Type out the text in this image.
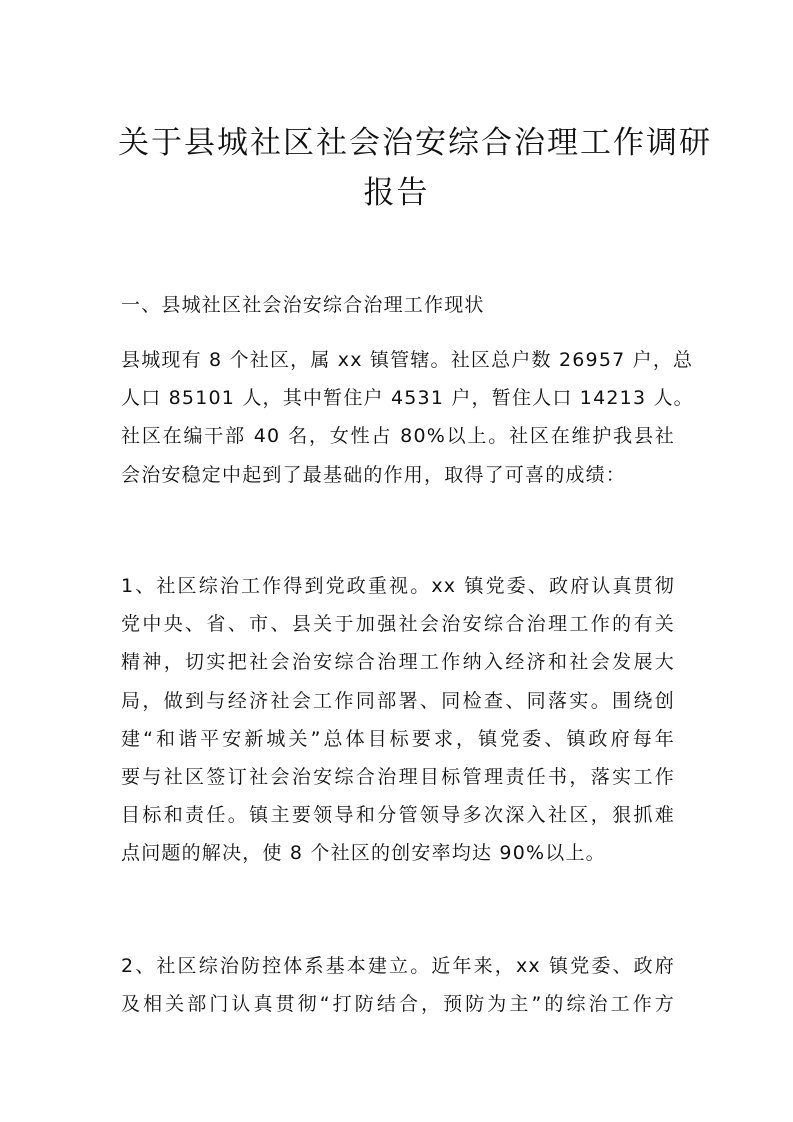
关于县城社区社会治安综合治理工作调研
报告
一、县城社区社会治安综合治理工作现状
县城现有 8 个社区，属 xx 镇管辖。社区总户数 26957 户，总
人口 85101 人，其中暂住户 4531 户，暂住人口 14213 人。
社区在编干部 40 名，女性占 80%以上。社区在维护我县社
会治安稳定中起到了最基础的作用，取得了可喜的成绩：
1、社区综治工作得到党政重视。xx 镇党委、政府认真贯彻
党中央、省、市、县关于加强社会治安综合治理工作的有关
精神，切实把社会治安综合治理工作纳入经济和社会发展大
局，做到与经济社会工作同部署、同检查、同落实。围绕创
建“和谐平安新城关”总体目标要求，镇党委、镇政府每年
要与社区签订社会治安综合治理目标管理责任书，落实工作
目标和责任。镇主要领导和分管领导多次深入社区，狠抓难
点问题的解决，使 8 个社区的创安率均达 90%以上。
2、社区综治防控体系基本建立。近年来，xx 镇党委、政府
及相关部门认真贯彻“打防结合，预防为主”的综治工作方
